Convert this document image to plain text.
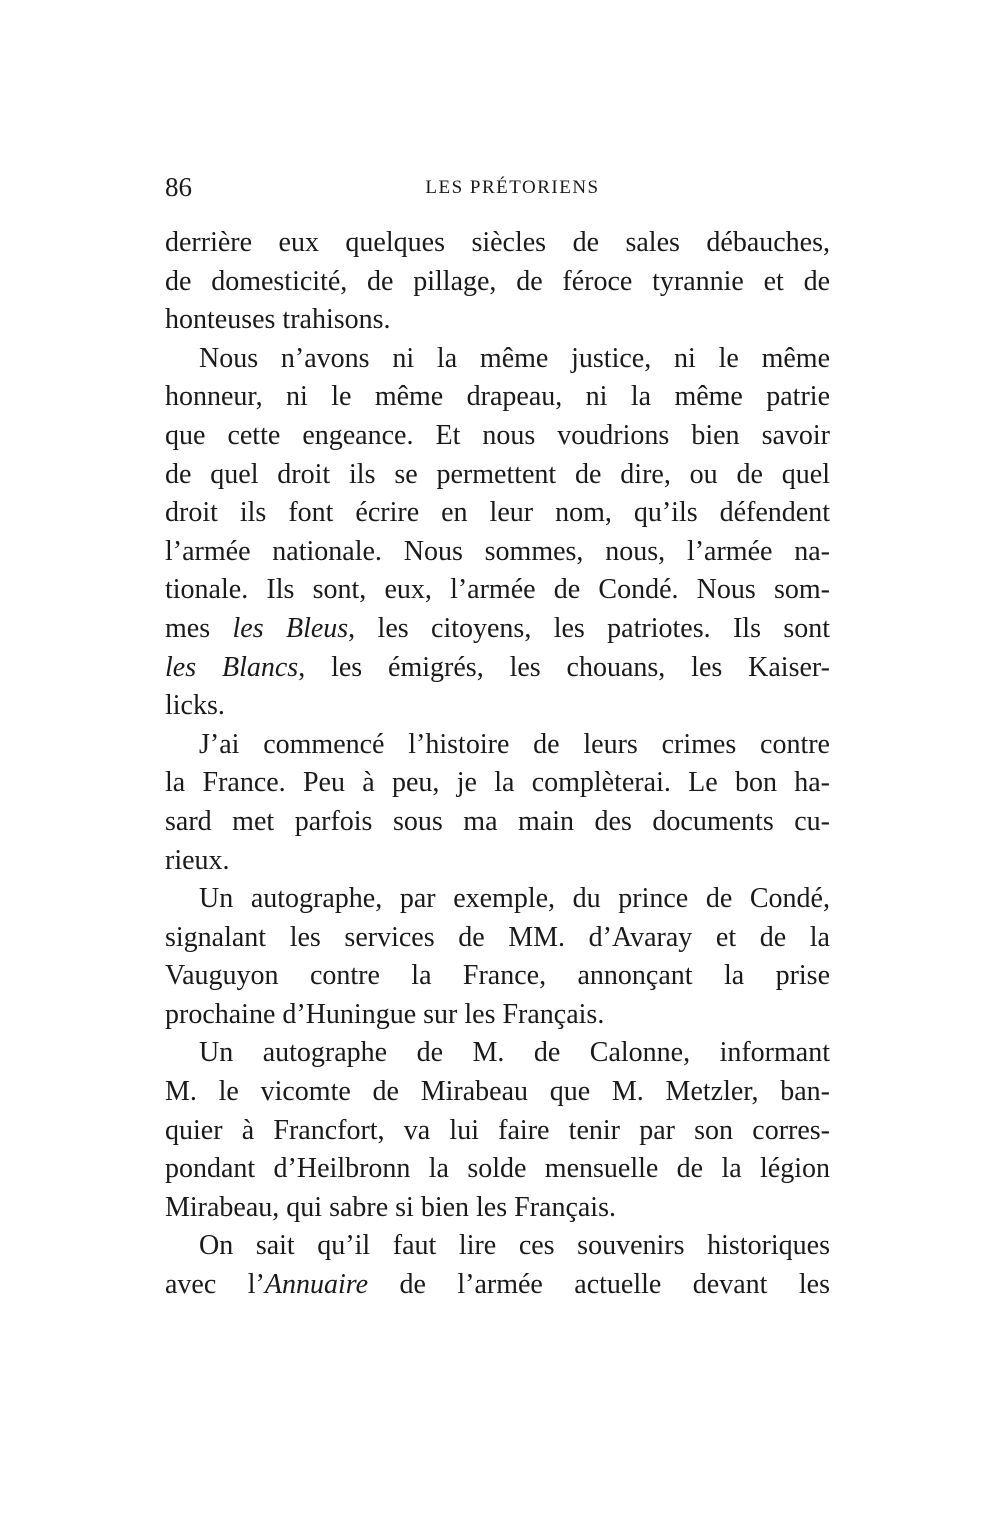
86	LES PRÉTORIENS
derrière eux quelques siècles de sales débauches,
de domesticité, de pillage, de féroce tyrannie et de
honteuses trahisons.
Nous n’avons ni la même justice, ni le même
honneur, ni le même drapeau, ni la même patrie
que cette engeance. Et nous voudrions bien savoir
de quel droit ils se permettent de dire, ou de quel
droit ils font écrire en leur nom, qu’ils défendent
l’armée nationale. Nous sommes, nous, l’armée na-
tionale. Ils sont, eux, l’armée de Condé. Nous som-
mes les Bleus, les citoyens, les patriotes. Ils sont
les Blancs, les émigrés, les chouans, les Kaiser-
licks.
J’ai commencé l’histoire de leurs crimes contre
la France. Peu à peu, je la complèterai. Le bon ha-
sard met parfois sous ma main des documents cu-
rieux.
Un autographe, par exemple, du prince de Condé,
signalant les services de MM. d’Avaray et de la
Vauguyon contre la France, annonçant la prise
prochaine d’Huningue sur les Français.
Un autographe de M. de Calonne, informant
M. le vicomte de Mirabeau que M. Metzler, ban-
quier à Francfort, va lui faire tenir par son corres-
pondant d’Heilbronn la solde mensuelle de la légion
Mirabeau, qui sabre si bien les Français.
On sait qu’il faut lire ces souvenirs historiques
avec l’Annuaire de l’armée actuelle devant les
